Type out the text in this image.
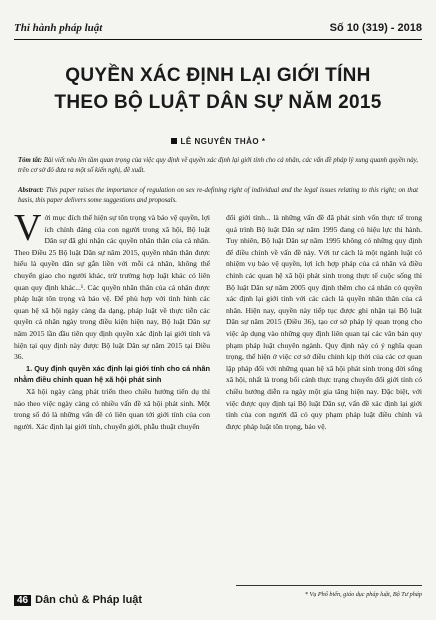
Thi hành pháp luật	Số 10 (319) - 2018
QUYỀN XÁC ĐỊNH LẠI GIỚI TÍNH
THEO BỘ LUẬT DÂN SỰ NĂM 2015
LÊ NGUYÊN THẢO *
Tóm tắt: Bài viết nêu lên tầm quan trọng của việc quy định về quyền xác định lại giới tính cho cá nhân, các vấn đề pháp lý xung quanh quyền này, trên cơ sở đó đưa ra một số kiến nghị, đề xuất.
Abstract: This paper raises the importance of regulation on sex re-defining right of individual and the legal issues relating to this right; on that basis, this paper delivers some suggestions and proposals.

Với mục đích thể hiện sự tôn trọng và bảo vệ quyền, lợi ích chính đáng của con người trong xã hội, Bộ luật Dân sự đã ghi nhận các quyền nhân thân của cá nhân. Theo Điều 25 Bộ luật Dân sự năm 2015, quyền nhân thân được hiểu là quyền dân sự gắn liền với mỗi cá nhân, không thể chuyển giao cho người khác, trừ trường hợp luật khác có liên quan quy định khác...¹. Các quyền nhân thân của cá nhân được pháp luật tôn trọng và bảo vệ. Để phù hợp với tình hình các quan hệ xã hội ngày càng đa dạng, pháp luật về thực tiễn các quyền cá nhân ngày trong điều kiện hiện nay, Bộ luật Dân sự năm 2015 lần đầu tiên quy định quyền xác định lại giới tính và hiện tại quy định này được Bộ luật Dân sự năm 2015 tại Điều 36.

1. Quy định quyền xác định lại giới tính cho cá nhân nhằm điều chỉnh quan hệ xã hội phát sinh

Xã hội ngày càng phát triển theo chiều hướng tiến dụ thì nào theo việc ngày càng có nhiều vấn đề xã hội phát sinh. Một trong số đó là những vấn đề có liên quan tới giới tính của con người. Xác định lại giới tính, chuyển giới, phẫu thuật chuyển

đổi giới tính... là những vấn đề đã phát sinh vốn thực tế trong quá trình Bộ luật Dân sự năm 1995 đang có hiệu lực thi hành. Tuy nhiên, Bộ luật Dân sự năm 1995 không có những quy định để điều chỉnh về vấn đề này. Với tư cách là một ngành luật có nhiệm vụ bảo vệ quyền, lợi ích hợp pháp của cá nhân và điều chỉnh các quan hệ xã hội phát sinh trong thực tế cuộc sống thì Bộ luật Dân sự năm 2005 quy định thêm cho cá nhân có quyền xác định lại giới tính với các cách là quyền nhân thân của cá nhân. Hiện nay, quyền này tiếp tục được ghi nhận tại Bộ luật Dân sự năm 2015 (Điều 36), tạo cơ sở pháp lý quan trọng cho việc áp dụng vào những quy định liên quan tại các văn bản quy phạm pháp luật chuyên ngành. Quy định này có ý nghĩa quan trọng, thể hiện ở việc cơ sở điều chỉnh kịp thời của các cơ quan lập pháp đối với những quan hệ xã hội phát sinh trong đời sống xã hội, nhất là trong bối cảnh thực trạng chuyển đổi giới tính có chiều hướng diễn ra ngày một gia tăng hiện nay. Đặc biệt, với việc được quy định tại Bộ luật Dân sự, vấn đề xác định lại giới tính của con người đã có quy phạm pháp luật điều chỉnh và được pháp luật tôn trọng, bảo vệ.

46 Dân chủ & Pháp luật	* Vụ Phổ biến, giáo dục pháp luật, Bộ Tư pháp
